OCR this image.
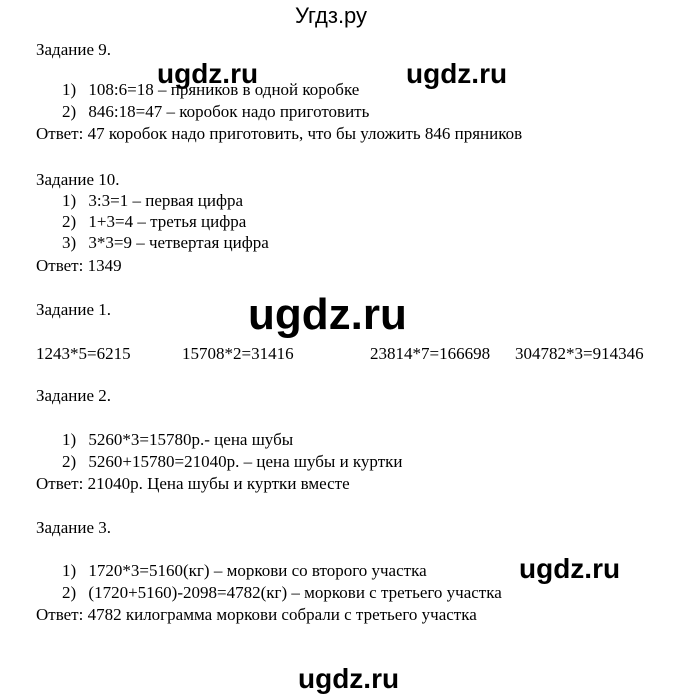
Угдз.ру
Задание 9.
1) 108:6=18 – пряников в одной коробке
2) 846:18=47 – коробок надо приготовить
Ответ: 47 коробок надо приготовить, что бы уложить 846 пряников
Задание 10.
1) 3:3=1 – первая цифра
2) 1+3=4 – третья цифра
3) 3*3=9 – четвертая цифра
Ответ: 1349
Задание 1.
1243*5=6215	15708*2=31416	23814*7=166698 304782*3=914346
Задание 2.
1) 5260*3=15780р.- цена шубы
2) 5260+15780=21040р. – цена шубы и куртки
Ответ: 21040р. Цена шубы и куртки вместе
Задание 3.
1) 1720*3=5160(кг) – моркови со второго участка
2) (1720+5160)-2098=4782(кг) – моркови с третьего участка
Ответ: 4782 килограмма моркови собрали с третьего участка
ugdz.ru	ugdz.ru
ugdz.ru
ugdz.ru
ugdz.ru
